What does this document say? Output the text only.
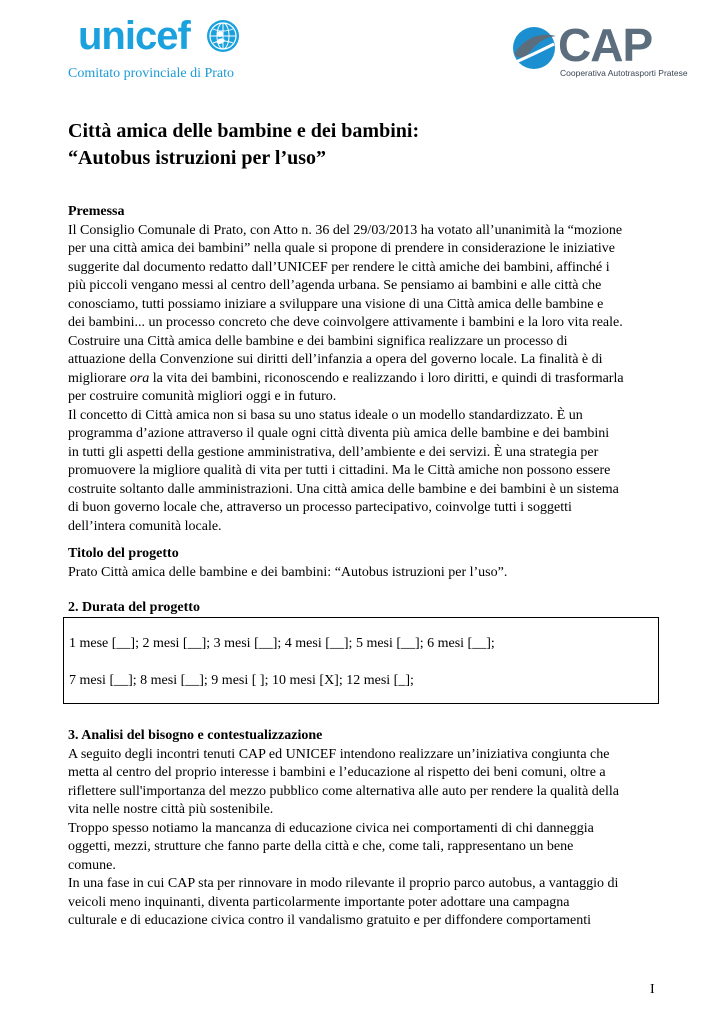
unicef
Comitato provinciale di Prato
CAP
Cooperativa Autotrasporti Pratese
Città amica delle bambine e dei bambini:
“Autobus istruzioni per l’uso”
Premessa
Il Consiglio Comunale di Prato, con Atto n. 36 del 29/03/2013 ha votato all’unanimità la “mozione
per una città amica dei bambini” nella quale si propone di prendere in considerazione le iniziative
suggerite dal documento redatto dall’UNICEF per rendere le città amiche dei bambini, affinché i
più piccoli vengano messi al centro dell’agenda urbana. Se pensiamo ai bambini e alle città che
conosciamo, tutti possiamo iniziare a sviluppare una visione di una Città amica delle bambine e
dei bambini... un processo concreto che deve coinvolgere attivamente i bambini e la loro vita reale.
Costruire una Città amica delle bambine e dei bambini significa realizzare un processo di
attuazione della Convenzione sui diritti dell’infanzia a opera del governo locale. La finalità è di
migliorare ora la vita dei bambini, riconoscendo e realizzando i loro diritti, e quindi di trasformarla
per costruire comunità migliori oggi e in futuro.
Il concetto di Città amica non si basa su uno status ideale o un modello standardizzato. È un
programma d’azione attraverso il quale ogni città diventa più amica delle bambine e dei bambini
in tutti gli aspetti della gestione amministrativa, dell’ambiente e dei servizi. È una strategia per
promuovere la migliore qualità di vita per tutti i cittadini. Ma le Città amiche non possono essere
costruite soltanto dalle amministrazioni. Una città amica delle bambine e dei bambini è un sistema
di buon governo locale che, attraverso un processo partecipativo, coinvolge tutti i soggetti
dell’intera comunità locale.
Titolo del progetto
Prato Città amica delle bambine e dei bambini: “Autobus istruzioni per l’uso”.
2. Durata del progetto
1 mese [__]; 2 mesi [__]; 3 mesi [__]; 4 mesi [__]; 5 mesi [__]; 6 mesi [__];
7 mesi [__]; 8 mesi [__]; 9 mesi [ ]; 10 mesi [X]; 12 mesi [_];
3. Analisi del bisogno e contestualizzazione
A seguito degli incontri tenuti CAP ed UNICEF intendono realizzare un’iniziativa congiunta che
metta al centro del proprio interesse i bambini e l’educazione al rispetto dei beni comuni, oltre a
riflettere sull'importanza del mezzo pubblico come alternativa alle auto per rendere la qualità della
vita nelle nostre città più sostenibile.
Troppo spesso notiamo la mancanza di educazione civica nei comportamenti di chi danneggia
oggetti, mezzi, strutture che fanno parte della città e che, come tali, rappresentano un bene
comune.
In una fase in cui CAP sta per rinnovare in modo rilevante il proprio parco autobus, a vantaggio di
veicoli meno inquinanti, diventa particolarmente importante poter adottare una campagna
culturale e di educazione civica contro il vandalismo gratuito e per diffondere comportamenti
I
